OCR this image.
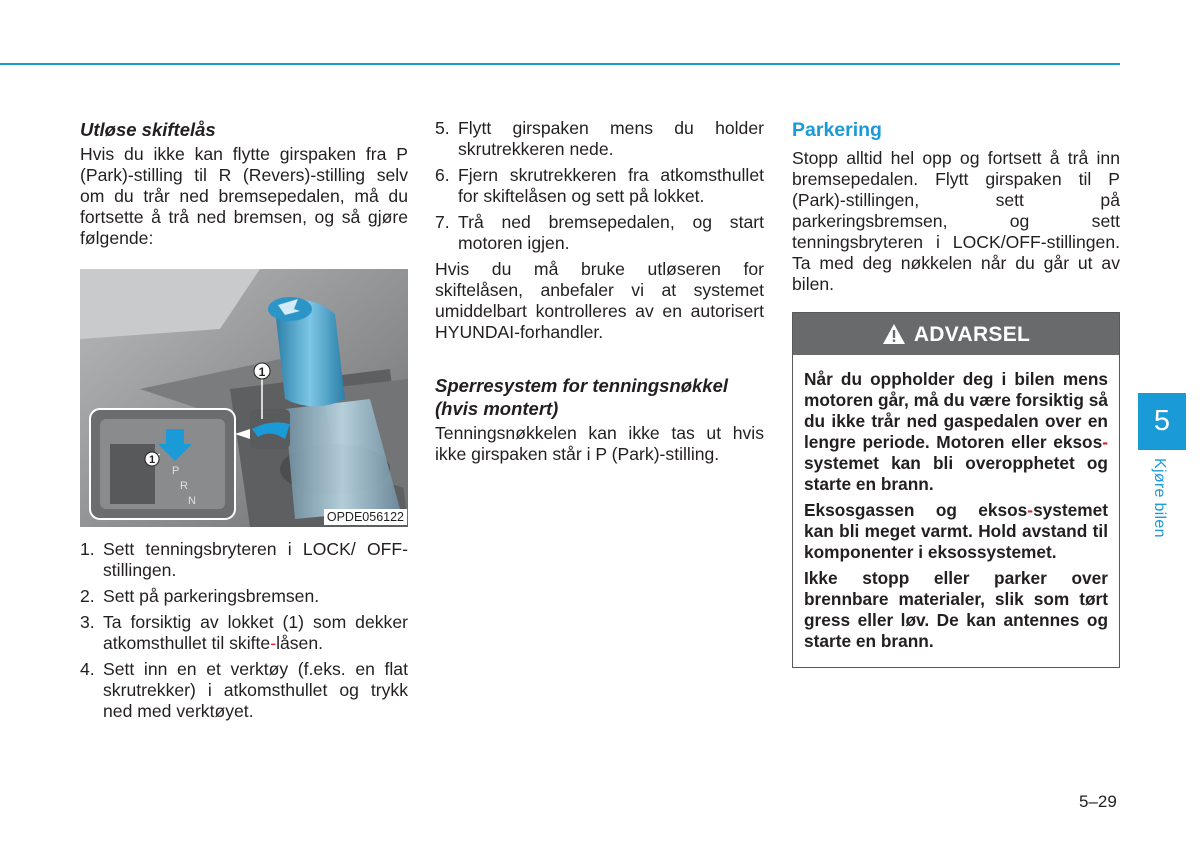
Utløse skiftelås

Hvis du ikke kan flytte girspaken fra P (Park)-stilling til R (Revers)-stilling selv om du trår ned bremsepedalen, må du fortsette å trå ned bremsen, og så gjøre følgende:

1
P
R
N
1
OPDE056122
1. Sett tenningsbryteren i LOCK/ OFF-stillingen.
2. Sett på parkeringsbremsen.
3. Ta forsiktig av lokket (1) som dekker atkomsthullet til skifte-låsen.
4. Sett inn en et verktøy (f.eks. en flat skrutrekker) i atkomsthullet og trykk ned med verktøyet.
5. Flytt girspaken mens du holder skrutrekkeren nede.
6. Fjern skrutrekkeren fra atkomsthullet for skiftelåsen og sett på lokket.
7. Trå ned bremsepedalen, og start motoren igjen.

Hvis du må bruke utløseren for skiftelåsen, anbefaler vi at systemet umiddelbart kontrolleres av en autorisert HYUNDAI-forhandler.

Sperresystem for tenningsnøkkel (hvis montert)

Tenningsnøkkelen kan ikke tas ut hvis ikke girspaken står i P (Park)-stilling.

Parkering

Stopp alltid hel opp og fortsett å trå inn bremsepedalen. Flytt girspaken til P (Park)-stillingen, sett på parkeringsbremsen, og sett tenningsbryteren i LOCK/OFF-stillingen. Ta med deg nøkkelen når du går ut av bilen.

ADVARSEL

Når du oppholder deg i bilen mens motoren går, må du være forsiktig så du ikke trår ned gaspedalen over en lengre periode. Motoren eller eksos-systemet kan bli overopphetet og starte en brann.

Eksosgassen og eksos-systemet kan bli meget varmt. Hold avstand til komponenter i eksossystemet.

Ikke stopp eller parker over brennbare materialer, slik som tørt gress eller løv. De kan antennes og starte en brann.

5
Kjøre bilen
5–29
